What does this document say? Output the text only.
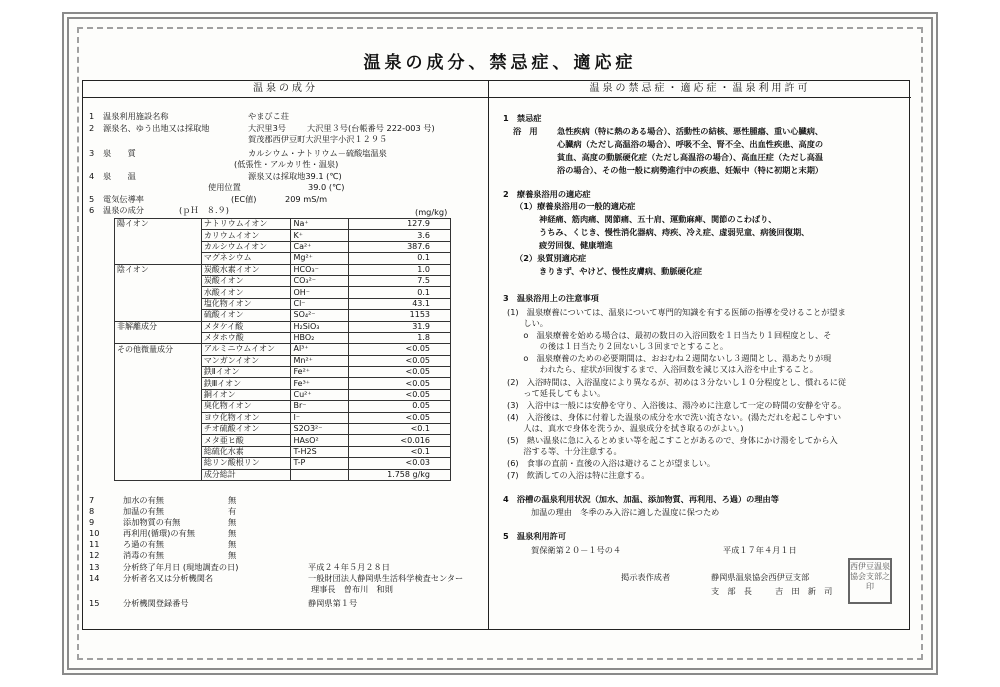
温泉の成分、禁忌症、適応症
温泉の成分	温泉の禁忌症・適応症・温泉利用許可
1 温泉利用施設名称	やまびこ荘
2 源泉名、ゆう出地又は採取地	大沢里3号	大沢里３号(台帳番号 222-003 号)
賀茂郡西伊豆町大沢里字小沢１２９５
3 泉　　質	カルシウム・ナトリウム－硫酸塩温泉
(低張性・アルカリ性・温泉)
4 泉　　温	源泉又は採取地39.1 (℃)
使用位置	39.0 (℃)
5 電気伝導率	(EC値)	209 mS/m
6 温泉の成分	(ｐＨ　８.９)	(mg/kg)
陽イオン	ナトリウムイオン	Na⁺	127.9
	カリウムイオン	K⁺	3.6
	カルシウムイオン	Ca²⁺	387.6
	マグネシウム	Mg²⁺	0.1
陰イオン	炭酸水素イオン	HCO₃⁻	1.0
	炭酸イオン	CO₃²⁻	7.5
	水酸イオン	OH⁻	0.1
	塩化物イオン	Cl⁻	43.1
	硫酸イオン	SO₄²⁻	1153
非解離成分	メタケイ酸	H₂SiO₃	31.9
	メタホウ酸	HBO₂	1.8
その他微量成分	アルミニウムイオン	Al³⁺	<0.05
	マンガンイオン	Mn²⁺	<0.05
	鉄Ⅱイオン	Fe²⁺	<0.05
	鉄Ⅲイオン	Fe³⁺	<0.05
	銅イオン	Cu²⁺	<0.05
	臭化物イオン	Br⁻	0.05
	ヨウ化物イオン	I⁻	<0.05
	チオ硫酸イオン	S2O3²⁻	<0.1
	メタ亜ヒ酸	HAsO²	<0.016
	総硫化水素	T-H2S	<0.1
	総リン酸根リン	T-P	<0.03
	成分総計		1.758 g/kg
7	加水の有無	無
8	加温の有無	有
9	添加物質の有無	無
10	再利用(循環)の有無	無
11	ろ過の有無	無
12	消毒の有無	無
13	分析終了年月日 (現地調査の日)	平成２４年５月２８日
14	分析者名又は分析機関名	一般財団法人静岡県生活科学検査センター
理事長　曽布川　和則
15	分析機関登録番号	静岡県第１号
1　禁忌症
浴　用 急性疾病（特に熱のある場合）、活動性の結核、悪性腫瘍、重い心臓病、
心臓病（ただし高温浴の場合）、呼吸不全、腎不全、出血性疾患、高度の
貧血、高度の動脈硬化症（ただし高温浴の場合）、高血圧症（ただし高温
浴の場合）、その他一般に病勢進行中の疾患、妊娠中（特に初期と末期）
2　療養泉浴用の適応症
（1）療養泉浴用の一般的適応症
神経痛、筋肉痛、関節痛、五十肩、運動麻痺、関節のこわばり、
うちみ、くじき、慢性消化器病、痔疾、冷え症、虚弱児童、病後回復期、
疲労回復、健康増進
（2）泉質別適応症
きりきず、やけど、慢性皮膚病、動脈硬化症
3　温泉浴用上の注意事項
(1)　温泉療養については、温泉について専門的知識を有する医師の指導を受けることが望ま
　　しい。
　　o　温泉療養を始める場合は、最初の数日の入浴回数を１日当たり１回程度とし、そ
　　　　の後は１日当たり２回ないし３回までとすること。
　　o　温泉療養のための必要期間は、おおむね２週間ないし３週間とし、湯あたりが現
　　　　われたら、症状が回復するまで、入浴回数を減じ又は入浴を中止すること。
(2)　入浴時間は、入浴温度により異なるが、初めは３分ないし１０分程度とし、慣れるに従
　　って延長してもよい。
(3)　入浴中は一般には安静を守り、入浴後は、湯冷めに注意して一定の時間の安静を守る。
(4)　入浴後は、身体に付着した温泉の成分を水で洗い流さない。(湯ただれを起こしやすい
　　人は、真水で身体を洗うか、温泉成分を拭き取るのがよい。)
(5)　熱い温泉に急に入るとめまい等を起こすことがあるので、身体にかけ湯をしてから入
　　浴する等、十分注意する。
(6)　食事の直前・直後の入浴は避けることが望ましい。
(7)　飲酒しての入浴は特に注意する。
4　浴槽の温泉利用状況（加水、加温、添加物質、再利用、ろ過）の理由等
加温の理由　冬季のみ入浴に適した温度に保つため
5　温泉利用許可
賀保衛第２０－１号の４	平成１７年４月１日
掲示表作成者	静岡県温泉協会西伊豆支部
支　部　長	吉　田　新　司
西伊豆温泉協会支部之印
